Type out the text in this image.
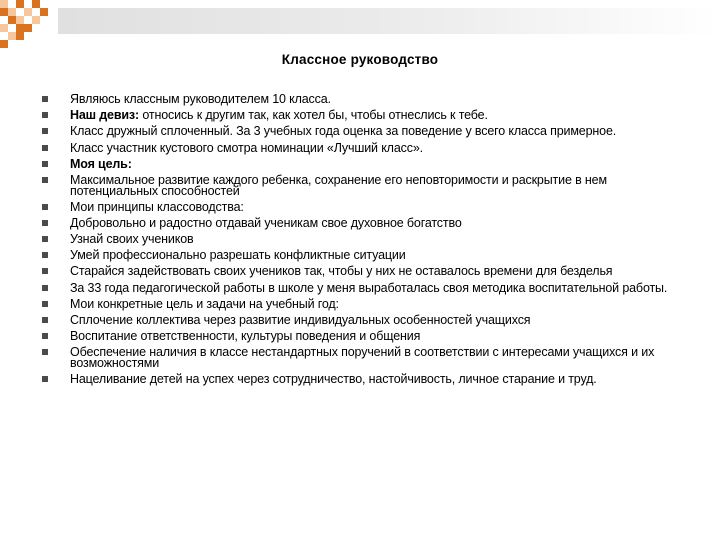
Классное руководство
Являюсь классным руководителем 10 класса.
Наш девиз: относись к другим так, как хотел бы, чтобы отнеслись к тебе.
Класс дружный сплоченный. За 3 учебных года оценка за поведение у всего класса примерное.
Класс участник кустового смотра номинации «Лучший класс».
Моя цель:
Максимальное развитие каждого ребенка, сохранение его неповторимости и раскрытие в нем потенциальных способностей
Мои принципы классоводства:
Добровольно и радостно отдавай ученикам свое духовное богатство
Узнай своих учеников
Умей профессионально разрешать конфликтные ситуации
Старайся задействовать своих учеников так, чтобы у них не оставалось времени для безделья
За 33 года педагогической работы в школе у меня выработалась своя методика воспитательной работы.
Мои конкретные цель и задачи на учебный год:
Сплочение коллектива через развитие индивидуальных особенностей учащихся
Воспитание ответственности, культуры поведения и общения
Обеспечение наличия в классе нестандартных поручений в соответствии с интересами учащихся и их возможностями
Нацеливание детей на успех через сотрудничество, настойчивость, личное старание и труд.
